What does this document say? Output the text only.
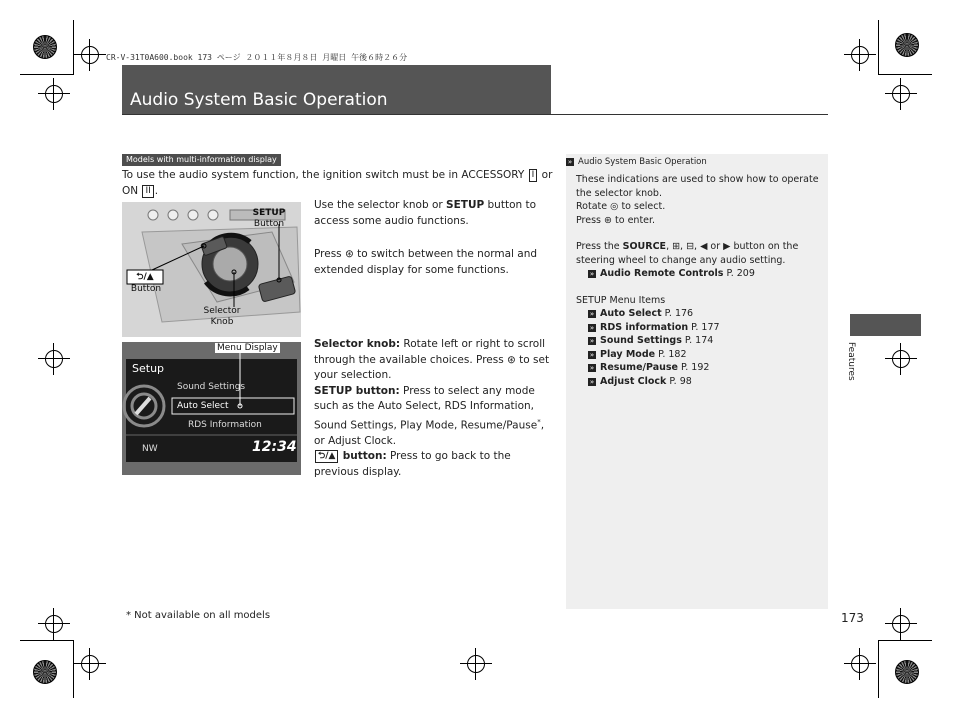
CR-V-31T0A600.book 173 ページ ２０１１年８月８日 月曜日 午後６時２６分
Audio System Basic Operation
Models with multi-information display
To use the audio system function, the ignition switch must be in ACCESSORY I or
ON II .
SETUP
Button
⮌/▲
Button
Selector
Knob
Use the selector knob or SETUP button to access some audio functions.
Press ⊛ to switch between the normal and extended display for some functions.
Menu Display
Setup
Sound Settings
Auto Select
RDS Information
NW	12:34
Selector knob: Rotate left or right to scroll through the available choices. Press ⊛ to set your selection.
SETUP button: Press to select any mode such as the Auto Select, RDS Information, Sound Settings, Play Mode, Resume/Pause*, or Adjust Clock.
⮌/▲ button: Press to go back to the previous display.
» Audio System Basic Operation
These indications are used to show how to operate the selector knob.
Rotate ◎ to select.
Press ⊛ to enter.
Press the SOURCE, ⊞, ⊟, ◀ or ▶ button on the steering wheel to change any audio setting.
» Audio Remote Controls P. 209
SETUP Menu Items
» Auto Select P. 176
» RDS information P. 177
» Sound Settings P. 174
» Play Mode P. 182
» Resume/Pause P. 192
» Adjust Clock P. 98
Features
* Not available on all models	173
